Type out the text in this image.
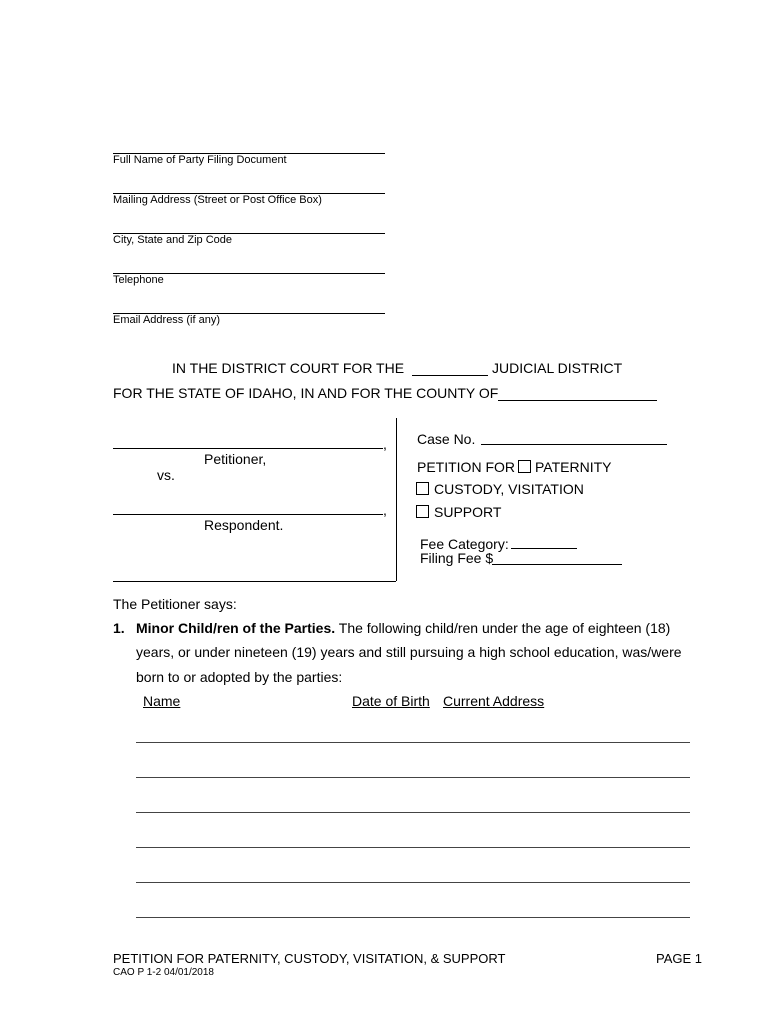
Full Name of Party Filing Document
Mailing Address (Street or Post Office Box)
City, State and Zip Code
Telephone
Email Address (if any)
IN THE DISTRICT COURT FOR THE	JUDICIAL DISTRICT
FOR THE STATE OF IDAHO, IN AND FOR THE COUNTY OF
,
Petitioner,
vs.
,
Respondent.
Case No.
PETITION FOR PATERNITY
CUSTODY, VISITATION
SUPPORT
Fee Category:
Filing Fee $
The Petitioner says:
1. Minor Child/ren of the Parties. The following child/ren under the age of eighteen (18)
years, or under nineteen (19) years and still pursuing a high school education, was/were
born to or adopted by the parties:
Name	Date of Birth Current Address
PETITION FOR PATERNITY, CUSTODY, VISITATION, & SUPPORT	PAGE 1
CAO P 1-2 04/01/2018
